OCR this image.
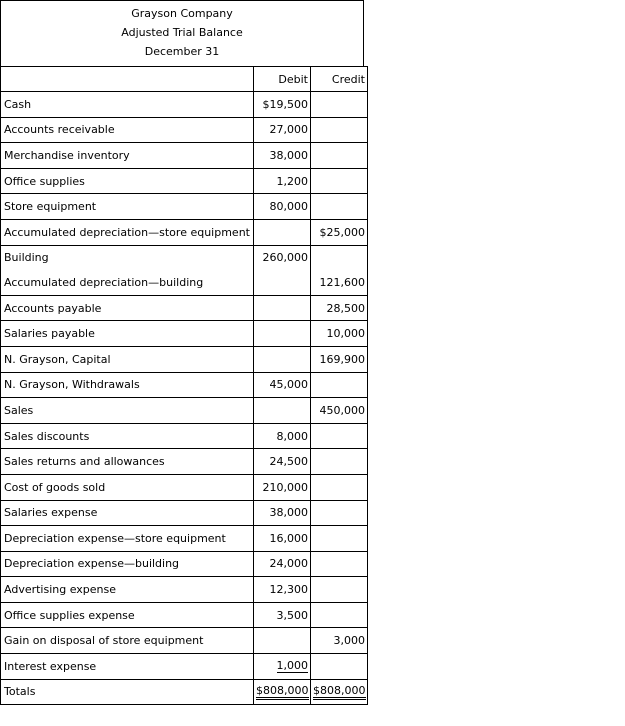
Grayson Company
Adjusted Trial Balance
December 31
	Debit	Credit
Cash	$19,500	
Accounts receivable	27,000	
Merchandise inventory	38,000	
Office supplies	1,200	
Store equipment	80,000	
Accumulated depreciation—store equipment		$25,000
Building	260,000	
Accumulated depreciation—building		121,600
Accounts payable		28,500
Salaries payable		10,000
N. Grayson, Capital		169,900
N. Grayson, Withdrawals	45,000	
Sales		450,000
Sales discounts	8,000	
Sales returns and allowances	24,500	
Cost of goods sold	210,000	
Salaries expense	38,000	
Depreciation expense—store equipment	16,000	
Depreciation expense—building	24,000	
Advertising expense	12,300	
Office supplies expense	3,500	
Gain on disposal of store equipment		3,000
Interest expense	1,000	
Totals	$808,000	$808,000
